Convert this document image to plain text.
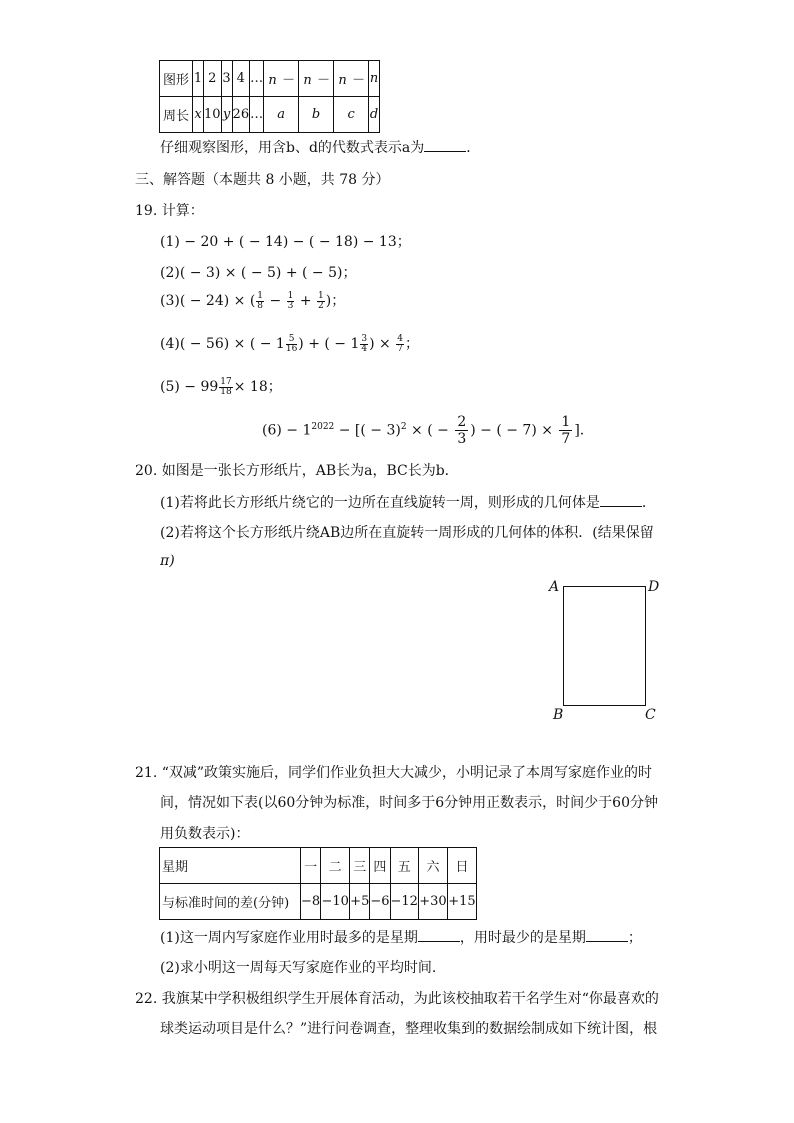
图形	1	2	3	4	…	n －	n －	n －	n
周长	x	10	y	26	…	a	b	c	d
仔细观察图形，用含b、d的代数式表示a为	．
三、解答题（本题共 8 小题，共 78 分）
19. 计算：
(1) − 20 + ( − 14) − ( − 18) − 13；
(2)( − 3) × ( − 5) + ( − 5)；
(3)( − 24) × ( $\frac{1}{8} - \frac{1}{3} + \frac{1}{2}$ )；
(4)( − 56) × ( − $1 \frac{5}{16}$ ) + ( − $1 \frac{3}{4}$ ) × $\frac{4}{7}$ ；
$(5) - 99 \frac{17}{18} \times 18$；
$(6) - 1^{2022}$ − [( − 3)$^2$ × ( − $\frac{2}{3}$ ) − ( − $7) \times \frac{1}{7}$ ].
20. 如图是一张长方形纸片，AB长为a，BC长为b．
(1)若将此长方形纸片绕它的一边所在直线旋转一周，则形成的几何体是	．
(2)若将这个长方形纸片绕AB边所在直旋转一周形成的几何体的体积．(结果保留
π)
A	D
B	C
21. “双减”政策实施后，同学们作业负担大大减少，小明记录了本周写家庭作业的时
间，情况如下表(以60分钟为标准，时间多于6分钟用正数表示，时间少于60分钟
用负数表示)：
星期	一	二	三	四	五	六	日
与标准时间的差(分钟)	−8	−10	+5	−6	−12	+30	+15
(1)这一周内写家庭作业用时最多的是星期	，用时最少的是星期	；
(2)求小明这一周每天写家庭作业的平均时间.
22. 我旗某中学积极组织学生开展体育活动，为此该校抽取若干名学生对“你最喜欢的
球类运动项目是什么？”进行问卷调查，整理收集到的数据绘制成如下统计图，根
